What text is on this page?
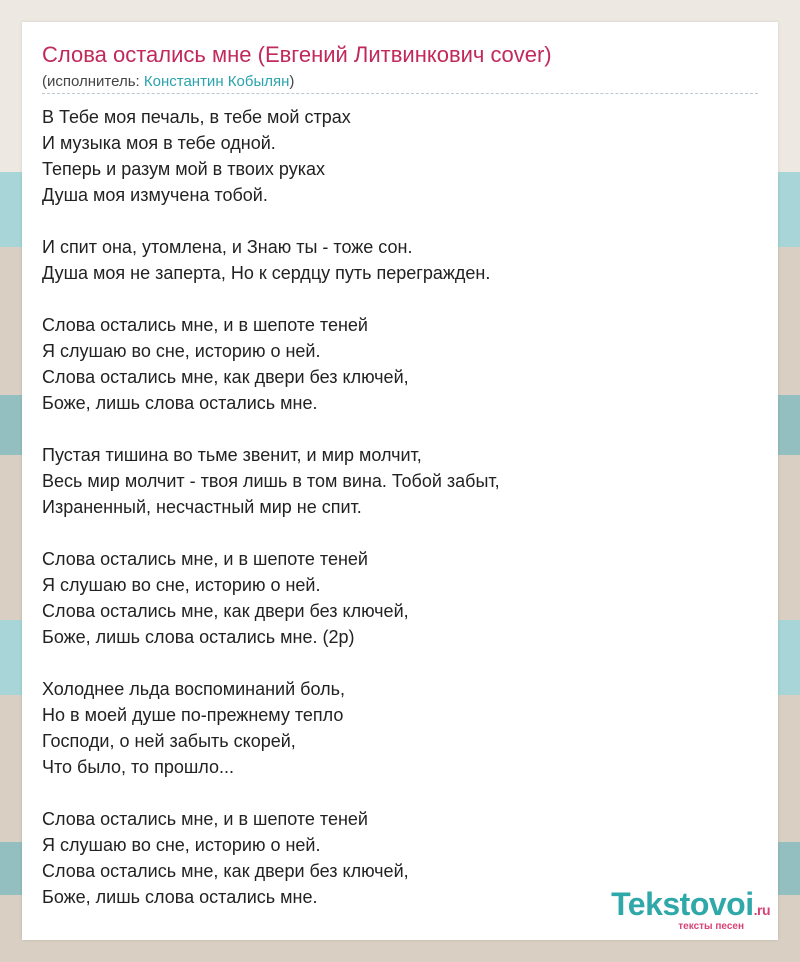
Слова остались мне (Евгений Литвинкович cover)
(исполнитель: Константин Кобылян)
В Тебе моя печаль, в тебе мой страх
И музыка моя в тебе одной.
Теперь и разум мой в твоих руках
Душа моя измучена тобой.

И спит она, утомлена, и Знаю ты - тоже сон.
Душа моя не заперта, Но к сердцу путь перегражден.

Слова остались мне, и в шепоте теней
Я слушаю во сне, историю о ней.
Слова остались мне, как двери без ключей,
Боже, лишь слова остались мне.

Пустая тишина во тьме звенит, и мир молчит,
Весь мир молчит - твоя лишь в том вина. Тобой забыт,
Израненный, несчастный мир не спит.

Слова остались мне, и в шепоте теней
Я слушаю во сне, историю о ней.
Слова остались мне, как двери без ключей,
Боже, лишь слова остались мне. (2р)

Холоднее льда воспоминаний боль,
Но в моей душе по-прежнему тепло
Господи, о ней забыть скорей,
Что было, то прошло...

Слова остались мне, и в шепоте теней
Я слушаю во сне, историю о ней.
Слова остались мне, как двери без ключей,
Боже, лишь слова остались мне.	Tekstovoi.ru
тексты песен
